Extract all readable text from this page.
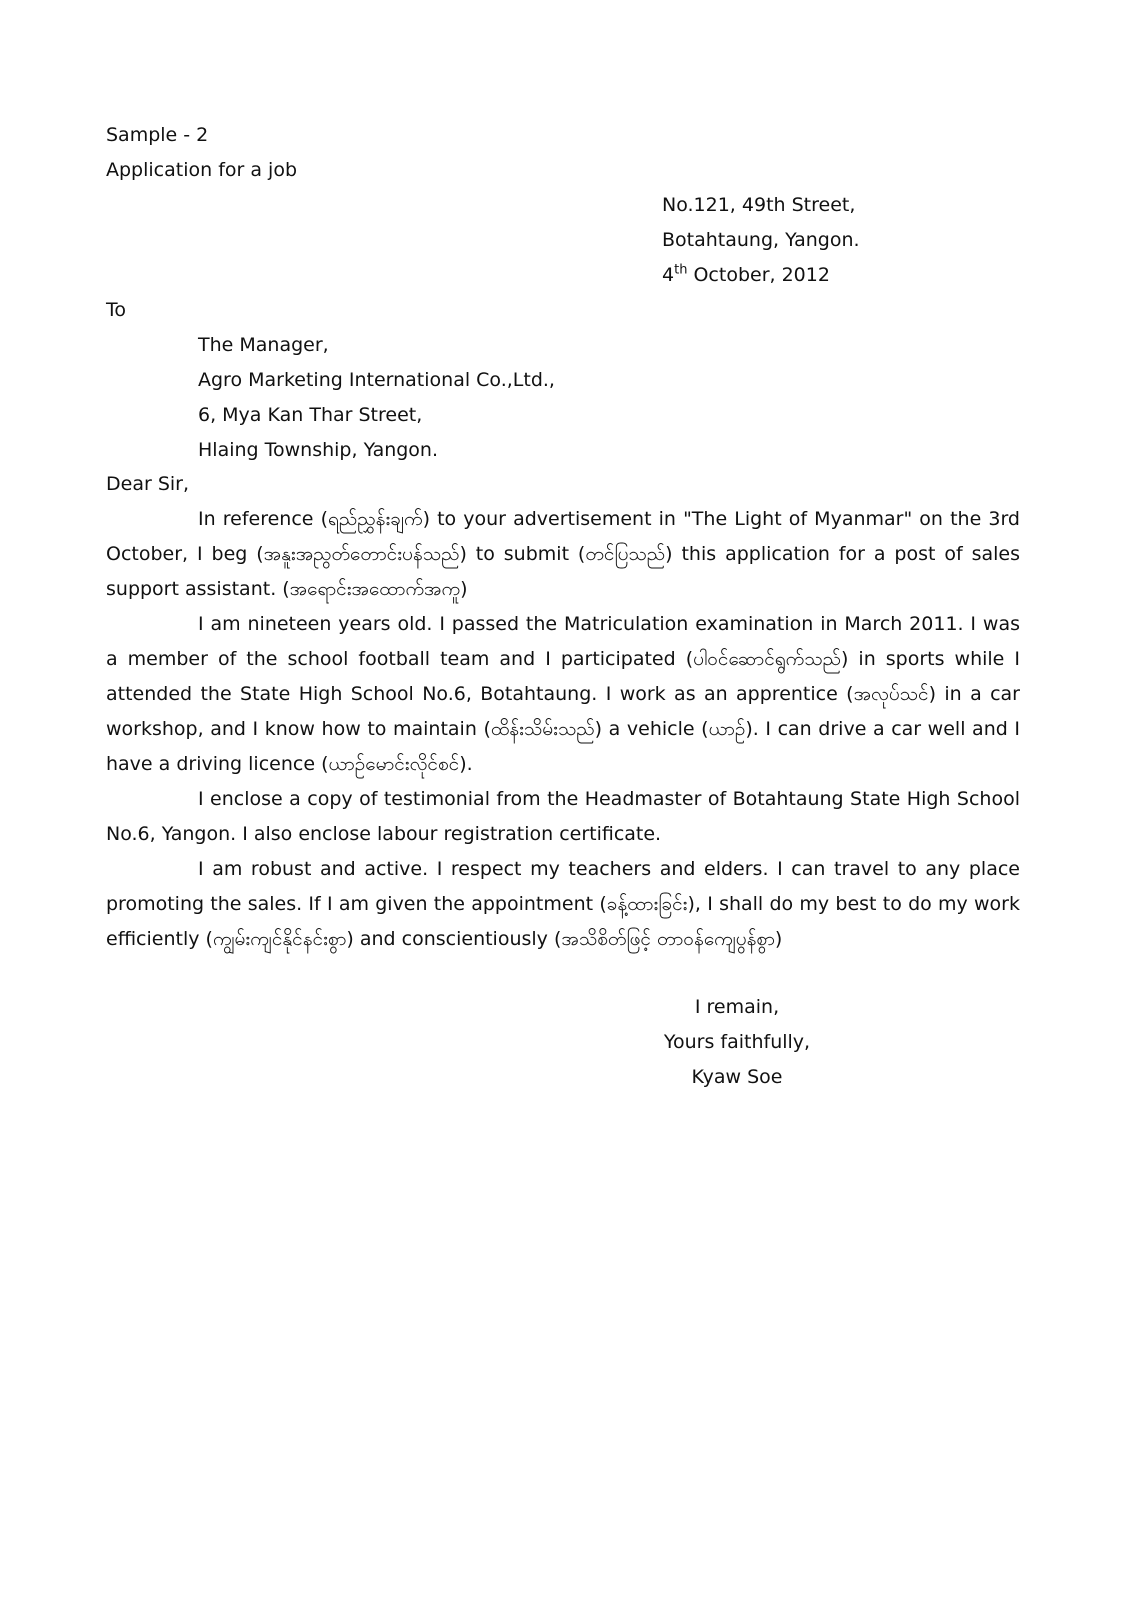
Sample - 2
Application for a job
No.121, 49th Street,
Botahtaung, Yangon.
4th October, 2012
To
The Manager,
Agro Marketing International Co.,Ltd.,
6, Mya Kan Thar Street,
Hlaing Township, Yangon.
Dear Sir,

In reference (ရည်ညွှန်းချက်) to your advertisement in "The Light of Myanmar" on the 3rd October, I beg (အနူးအညွတ်တောင်းပန်သည်) to submit (တင်ပြသည်) this application for a post of sales support assistant. (အရောင်းအထောက်အကူ)

I am nineteen years old. I passed the Matriculation examination in March 2011. I was a member of the school football team and I participated (ပါဝင်ဆောင်ရွက်သည်) in sports while I attended the State High School No.6, Botahtaung. I work as an apprentice (အလုပ်သင်) in a car workshop, and I know how to maintain (ထိန်းသိမ်းသည်) a vehicle (ယာဉ်). I can drive a car well and I have a driving licence (ယာဉ်မောင်းလိုင်စင်).

I enclose a copy of testimonial from the Headmaster of Botahtaung State High School No.6, Yangon. I also enclose labour registration certificate.

I am robust and active. I respect my teachers and elders. I can travel to any place promoting the sales. If I am given the appointment (ခန့်ထားခြင်း), I shall do my best to do my work efficiently (ကျွမ်းကျင်နိုင်နင်းစွာ) and conscientiously (အသိစိတ်ဖြင့် တာဝန်ကျေပွန်စွာ)

I remain,
Yours faithfully,
Kyaw Soe
